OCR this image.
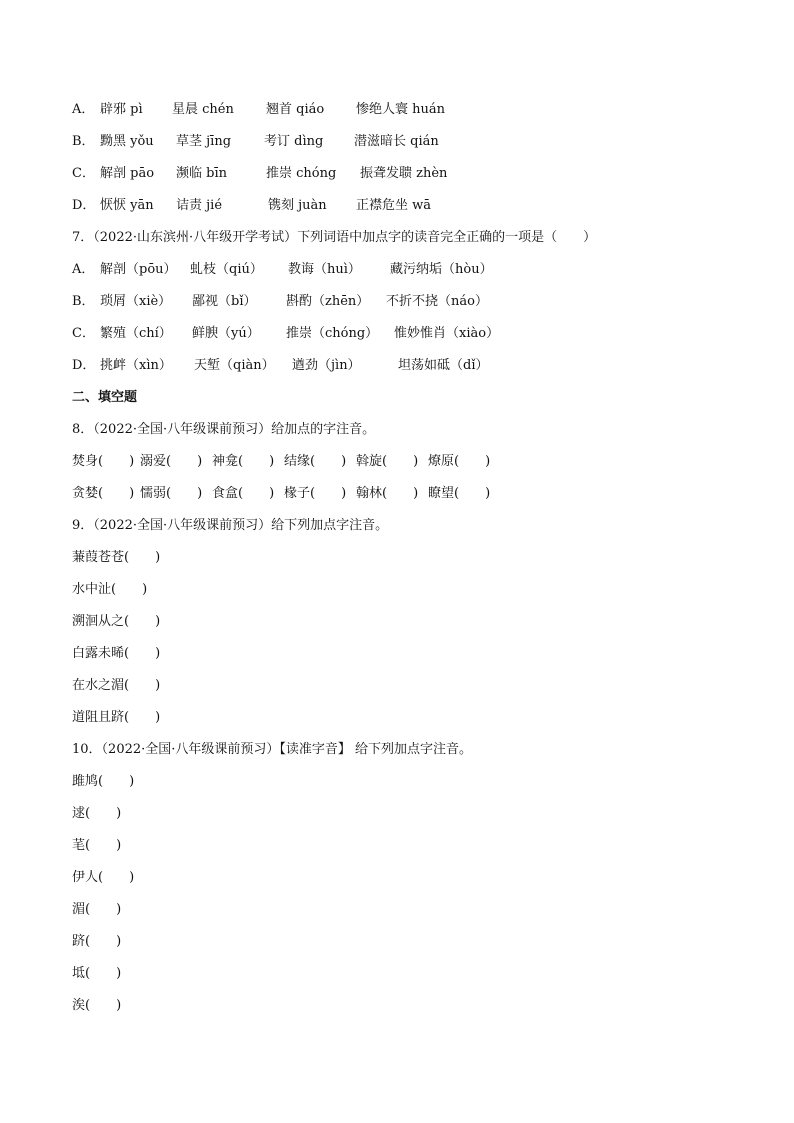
A． 辟邪 pì 星晨 chén 翘首 qiáo 惨绝人寰 huán
B． 黝黑 yǒu 草茎 jīng	考订 dìng 潜滋暗长 qián
C． 解剖 pāo 濒临 bīn	推崇 chóng 振聋发聩 zhèn
D． 恹恹 yān 诘责 jié	镌刻 juàn 正襟危坐 wā
7．（2022·山东滨州·八年级开学考试）下列词语中加点字的读音完全正确的一项是（　　）
A． 解剖（pōu） 虬枝（qiú） 教诲（huì） 藏污纳垢（hòu）
B． 琐屑（xiè） 鄙视（bǐ） 斟酌（zhēn） 不折不挠（náo）
C． 繁殖（chí） 鲜腴（yú） 推崇（chóng） 惟妙惟肖（xiào）
D． 挑衅（xìn） 天堑（qiàn） 遒劲（jìn）	坦荡如砥（dǐ）
二、填空题
8．（2022·全国·八年级课前预习）给加点的字注音。
焚身(　　) 溺爱(　　) 神龛(　　) 结缘(　　) 斡旋(　　) 燎原(　　)
贪婪(　　) 懦弱(　　) 食盒(　　) 椽子(　　) 翰林(　　) 瞭望(　　)
9．（2022·全国·八年级课前预习）给下列加点字注音。
蒹葭苍苍(　　)
水中沚(　　)
溯洄从之(　　)
白露未晞(　　)
在水之湄(　　)
道阻且跻(　　)
10．（2022·全国·八年级课前预习）【读准字音】 给下列加点字注音。
雎鸠(　　)
逑(　　)
芼(　　)
伊人(　　)
湄(　　)
跻(　　)
坻(　　)
涘(　　)
